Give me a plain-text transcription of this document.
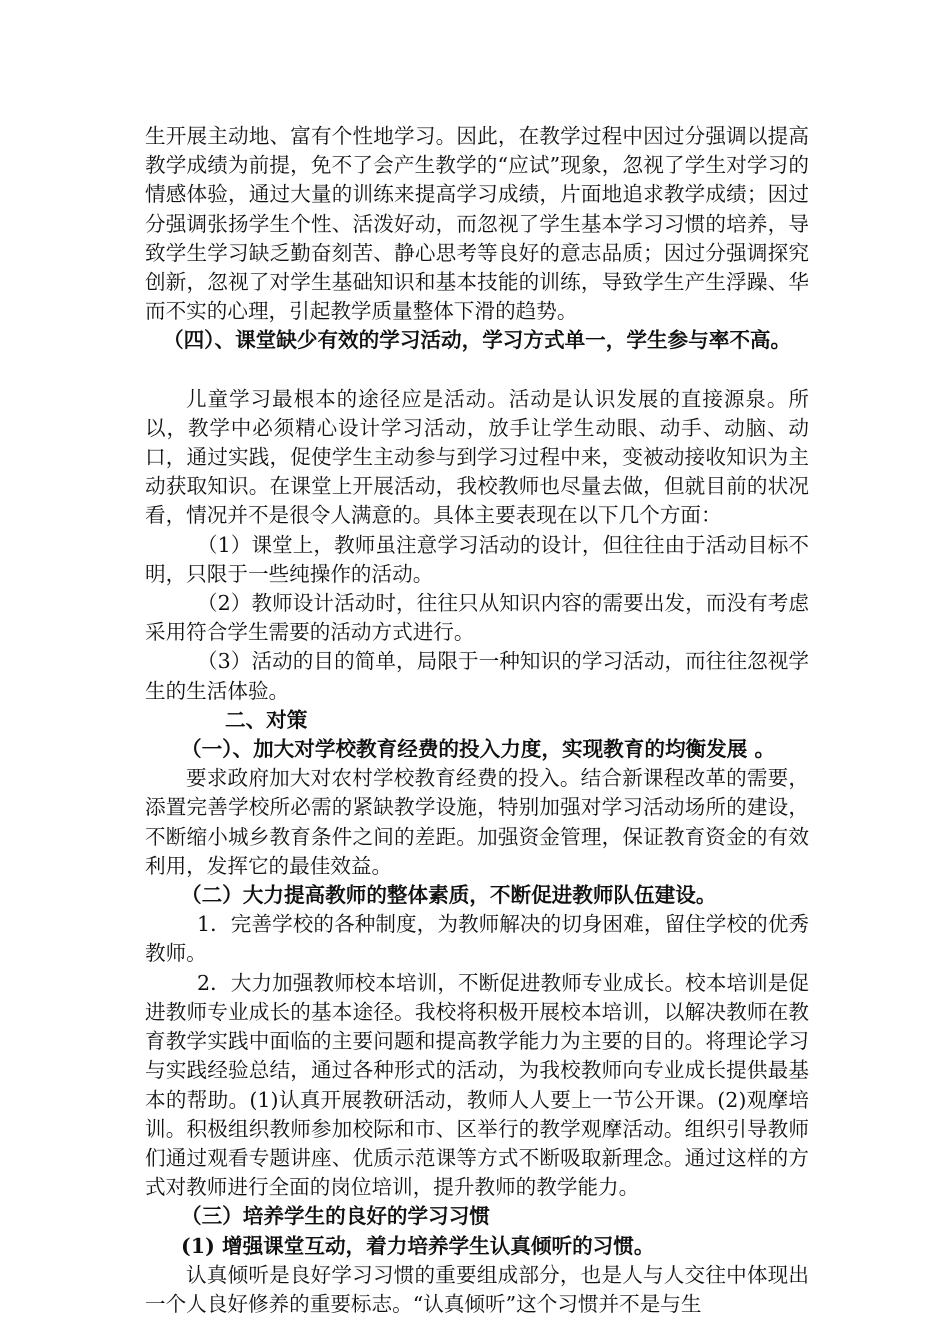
生开展主动地、富有个性地学习。因此，在教学过程中因过分强调以提高教学成绩为前提，免不了会产生教学的“应试”现象，忽视了学生对学习的情感体验，通过大量的训练来提高学习成绩，片面地追求教学成绩；因过分强调张扬学生个性、活泼好动，而忽视了学生基本学习习惯的培养，导致学生学习缺乏勤奋刻苦、静心思考等良好的意志品质；因过分强调探究创新，忽视了对学生基础知识和基本技能的训练，导致学生产生浮躁、华而不实的心理，引起教学质量整体下滑的趋势。

（四）、课堂缺少有效的学习活动，学习方式单一，学生参与率不高。

儿童学习最根本的途径应是活动。活动是认识发展的直接源泉。所以，教学中必须精心设计学习活动，放手让学生动眼、动手、动脑、动口，通过实践，促使学生主动参与到学习过程中来，变被动接收知识为主动获取知识。在课堂上开展活动，我校教师也尽量去做，但就目前的状况看，情况并不是很令人满意的。具体主要表现在以下几个方面：

（1）课堂上，教师虽注意学习活动的设计，但往往由于活动目标不明，只限于一些纯操作的活动。

（2）教师设计活动时，往往只从知识内容的需要出发，而没有考虑采用符合学生需要的活动方式进行。

（3）活动的目的简单，局限于一种知识的学习活动，而往往忽视学生的生活体验。

二、对策

（一）、加大对学校教育经费的投入力度，实现教育的均衡发展 。

要求政府加大对农村学校教育经费的投入。结合新课程改革的需要，添置完善学校所必需的紧缺教学设施，特别加强对学习活动场所的建设，不断缩小城乡教育条件之间的差距。加强资金管理，保证教育资金的有效利用，发挥它的最佳效益。

（二）大力提高教师的整体素质，不断促进教师队伍建设。

1．完善学校的各种制度，为教师解决的切身困难，留住学校的优秀教师。

2．大力加强教师校本培训，不断促进教师专业成长。校本培训是促进教师专业成长的基本途径。我校将积极开展校本培训，以解决教师在教育教学实践中面临的主要问题和提高教学能力为主要的目的。将理论学习与实践经验总结，通过各种形式的活动，为我校教师向专业成长提供最基本的帮助。(1)认真开展教研活动，教师人人要上一节公开课。(2)观摩培训。积极组织教师参加校际和市、区举行的教学观摩活动。组织引导教师们通过观看专题讲座、优质示范课等方式不断吸取新理念。通过这样的方式对教师进行全面的岗位培训，提升教师的教学能力。

（三）培养学生的良好的学习习惯

(1) 增强课堂互动，着力培养学生认真倾听的习惯。

认真倾听是良好学习习惯的重要组成部分，也是人与人交往中体现出一个人良好修养的重要标志。“认真倾听”这个习惯并不是与生
